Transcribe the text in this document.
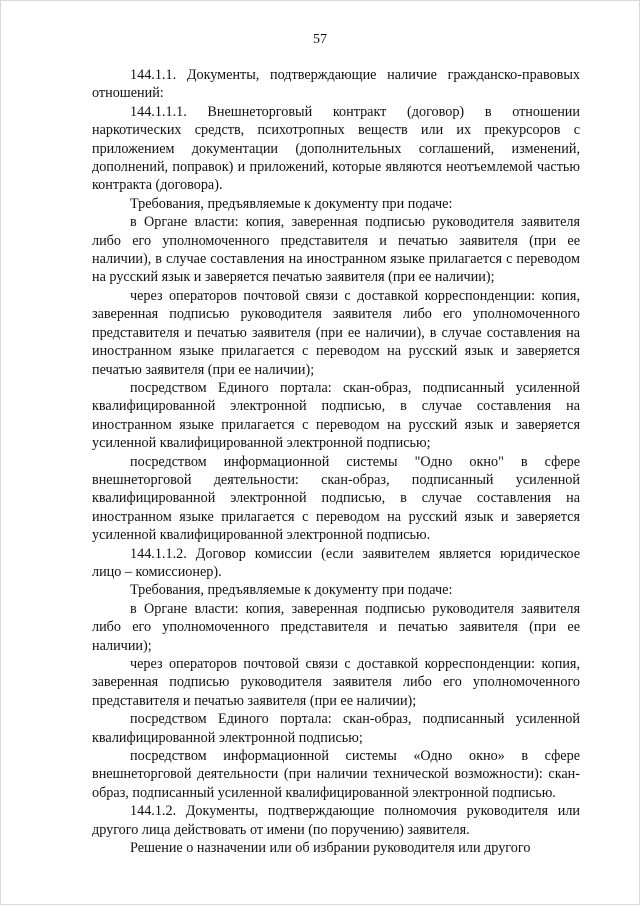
57

144.1.1. Документы, подтверждающие наличие гражданско-правовых отношений:

144.1.1.1. Внешнеторговый контракт (договор) в отношении наркотических средств, психотропных веществ или их прекурсоров с приложением документации (дополнительных соглашений, изменений, дополнений, поправок) и приложений, которые являются неотъемлемой частью контракта (договора).

Требования, предъявляемые к документу при подаче:

в Органе власти: копия, заверенная подписью руководителя заявителя либо его уполномоченного представителя и печатью заявителя (при ее наличии), в случае составления на иностранном языке прилагается с переводом на русский язык и заверяется печатью заявителя (при ее наличии);

через операторов почтовой связи с доставкой корреспонденции: копия, заверенная подписью руководителя заявителя либо его уполномоченного представителя и печатью заявителя (при ее наличии), в случае составления на иностранном языке прилагается с переводом на русский язык и заверяется печатью заявителя (при ее наличии);

посредством Единого портала: скан-образ, подписанный усиленной квалифицированной электронной подписью, в случае составления на иностранном языке прилагается с переводом на русский язык и заверяется усиленной квалифицированной электронной подписью;

посредством информационной системы "Одно окно" в сфере внешнеторговой деятельности: скан-образ, подписанный усиленной квалифицированной электронной подписью, в случае составления на иностранном языке прилагается с переводом на русский язык и заверяется усиленной квалифицированной электронной подписью.

144.1.1.2. Договор комиссии (если заявителем является юридическое лицо – комиссионер).

Требования, предъявляемые к документу при подаче:

в Органе власти: копия, заверенная подписью руководителя заявителя либо его уполномоченного представителя и печатью заявителя (при ее наличии);

через операторов почтовой связи с доставкой корреспонденции: копия, заверенная подписью руководителя заявителя либо его уполномоченного представителя и печатью заявителя (при ее наличии);

посредством Единого портала: скан-образ, подписанный усиленной квалифицированной электронной подписью;

посредством информационной системы «Одно окно» в сфере внешнеторговой деятельности (при наличии технической возможности): скан-образ, подписанный усиленной квалифицированной электронной подписью.

144.1.2. Документы, подтверждающие полномочия руководителя или другого лица действовать от имени (по поручению) заявителя.

Решение о назначении или об избрании руководителя или другого
